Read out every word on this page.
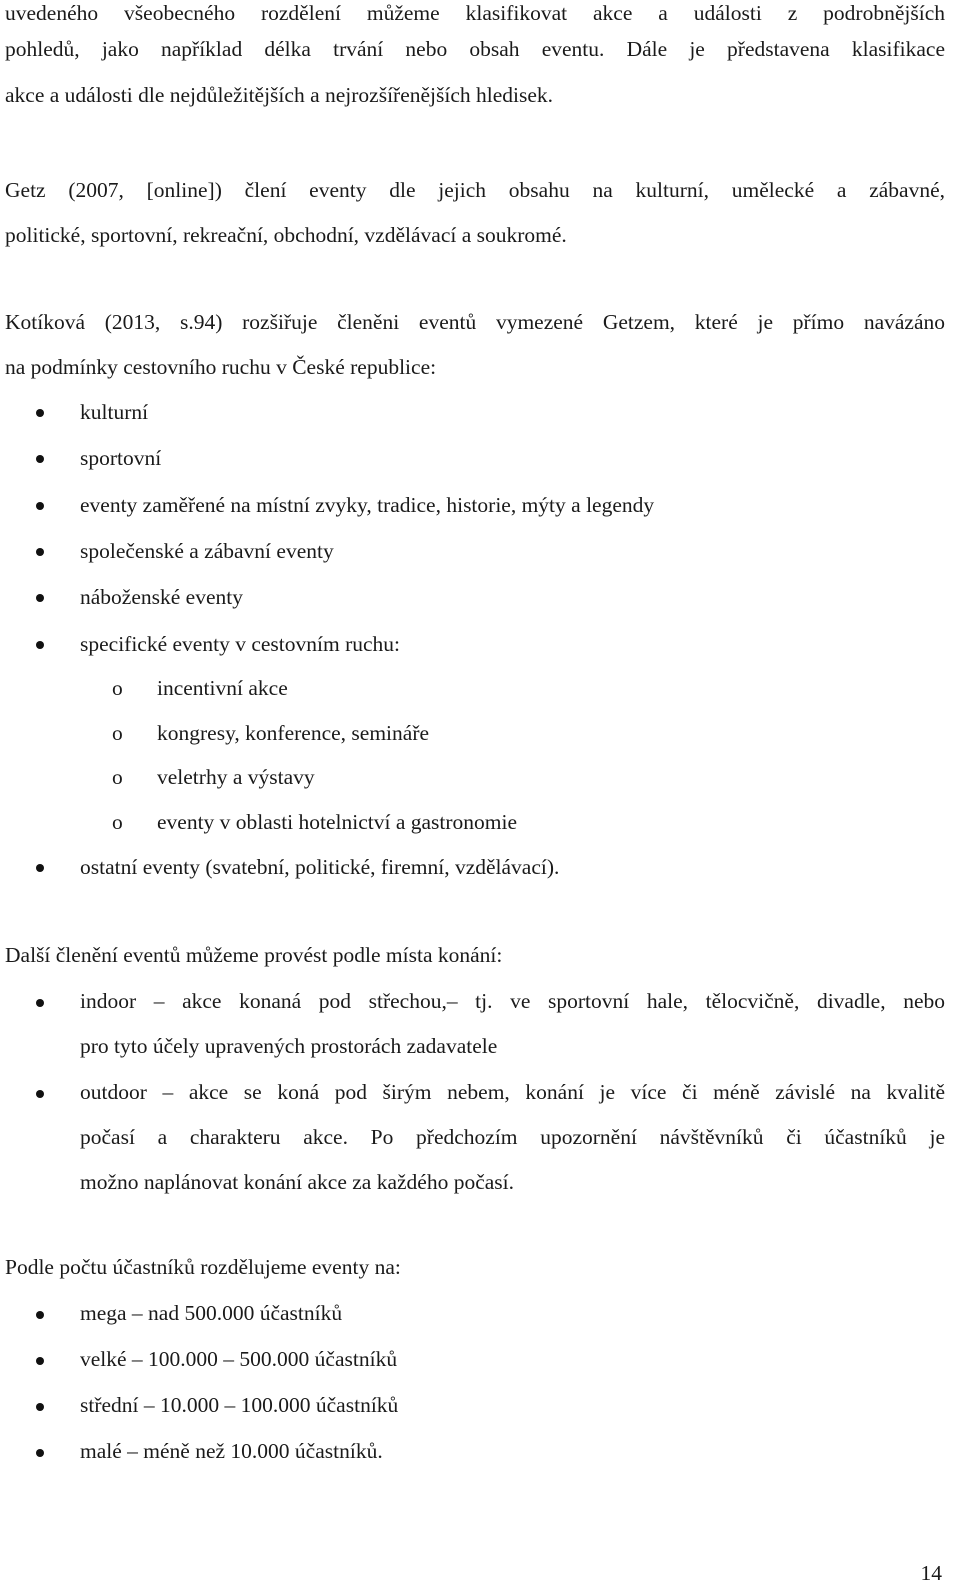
uvedeného všeobecného rozdělení můžeme klasifikovat akce a události z podrobnějších

pohledů, jako například délka trvání nebo obsah eventu. Dále je představena klasifikace

akce a události dle nejdůležitějších a nejrozšířenějších hledisek.

Getz (2007, [online]) člení eventy dle jejich obsahu na kulturní, umělecké a zábavné,

politické, sportovní, rekreační, obchodní, vzdělávací a soukromé.

Kotíková (2013, s.94) rozšiřuje členěni eventů vymezené Getzem, které je přímo navázáno

na podmínky cestovního ruchu v České republice:

kulturní

sportovní

eventy zaměřené na místní zvyky, tradice, historie, mýty a legendy

společenské a zábavní eventy

náboženské eventy

specifické eventy v cestovním ruchu:

o incentivní akce

o kongresy, konference, semináře

o veletrhy a výstavy

o eventy v oblasti hotelnictví a gastronomie

ostatní eventy (svatební, politické, firemní, vzdělávací).

Další členění eventů můžeme provést podle místa konání:

indoor – akce konaná pod střechou,– tj. ve sportovní hale, tělocvičně, divadle, nebo

pro tyto účely upravených prostorách zadavatele

outdoor – akce se koná pod širým nebem, konání je více či méně závislé na kvalitě

počasí a charakteru akce. Po předchozím upozornění návštěvníků či účastníků je

možno naplánovat konání akce za každého počasí.

Podle počtu účastníků rozdělujeme eventy na:

mega – nad 500.000 účastníků

velké – 100.000 – 500.000 účastníků

střední – 10.000 – 100.000 účastníků

malé – méně než 10.000 účastníků.

14
